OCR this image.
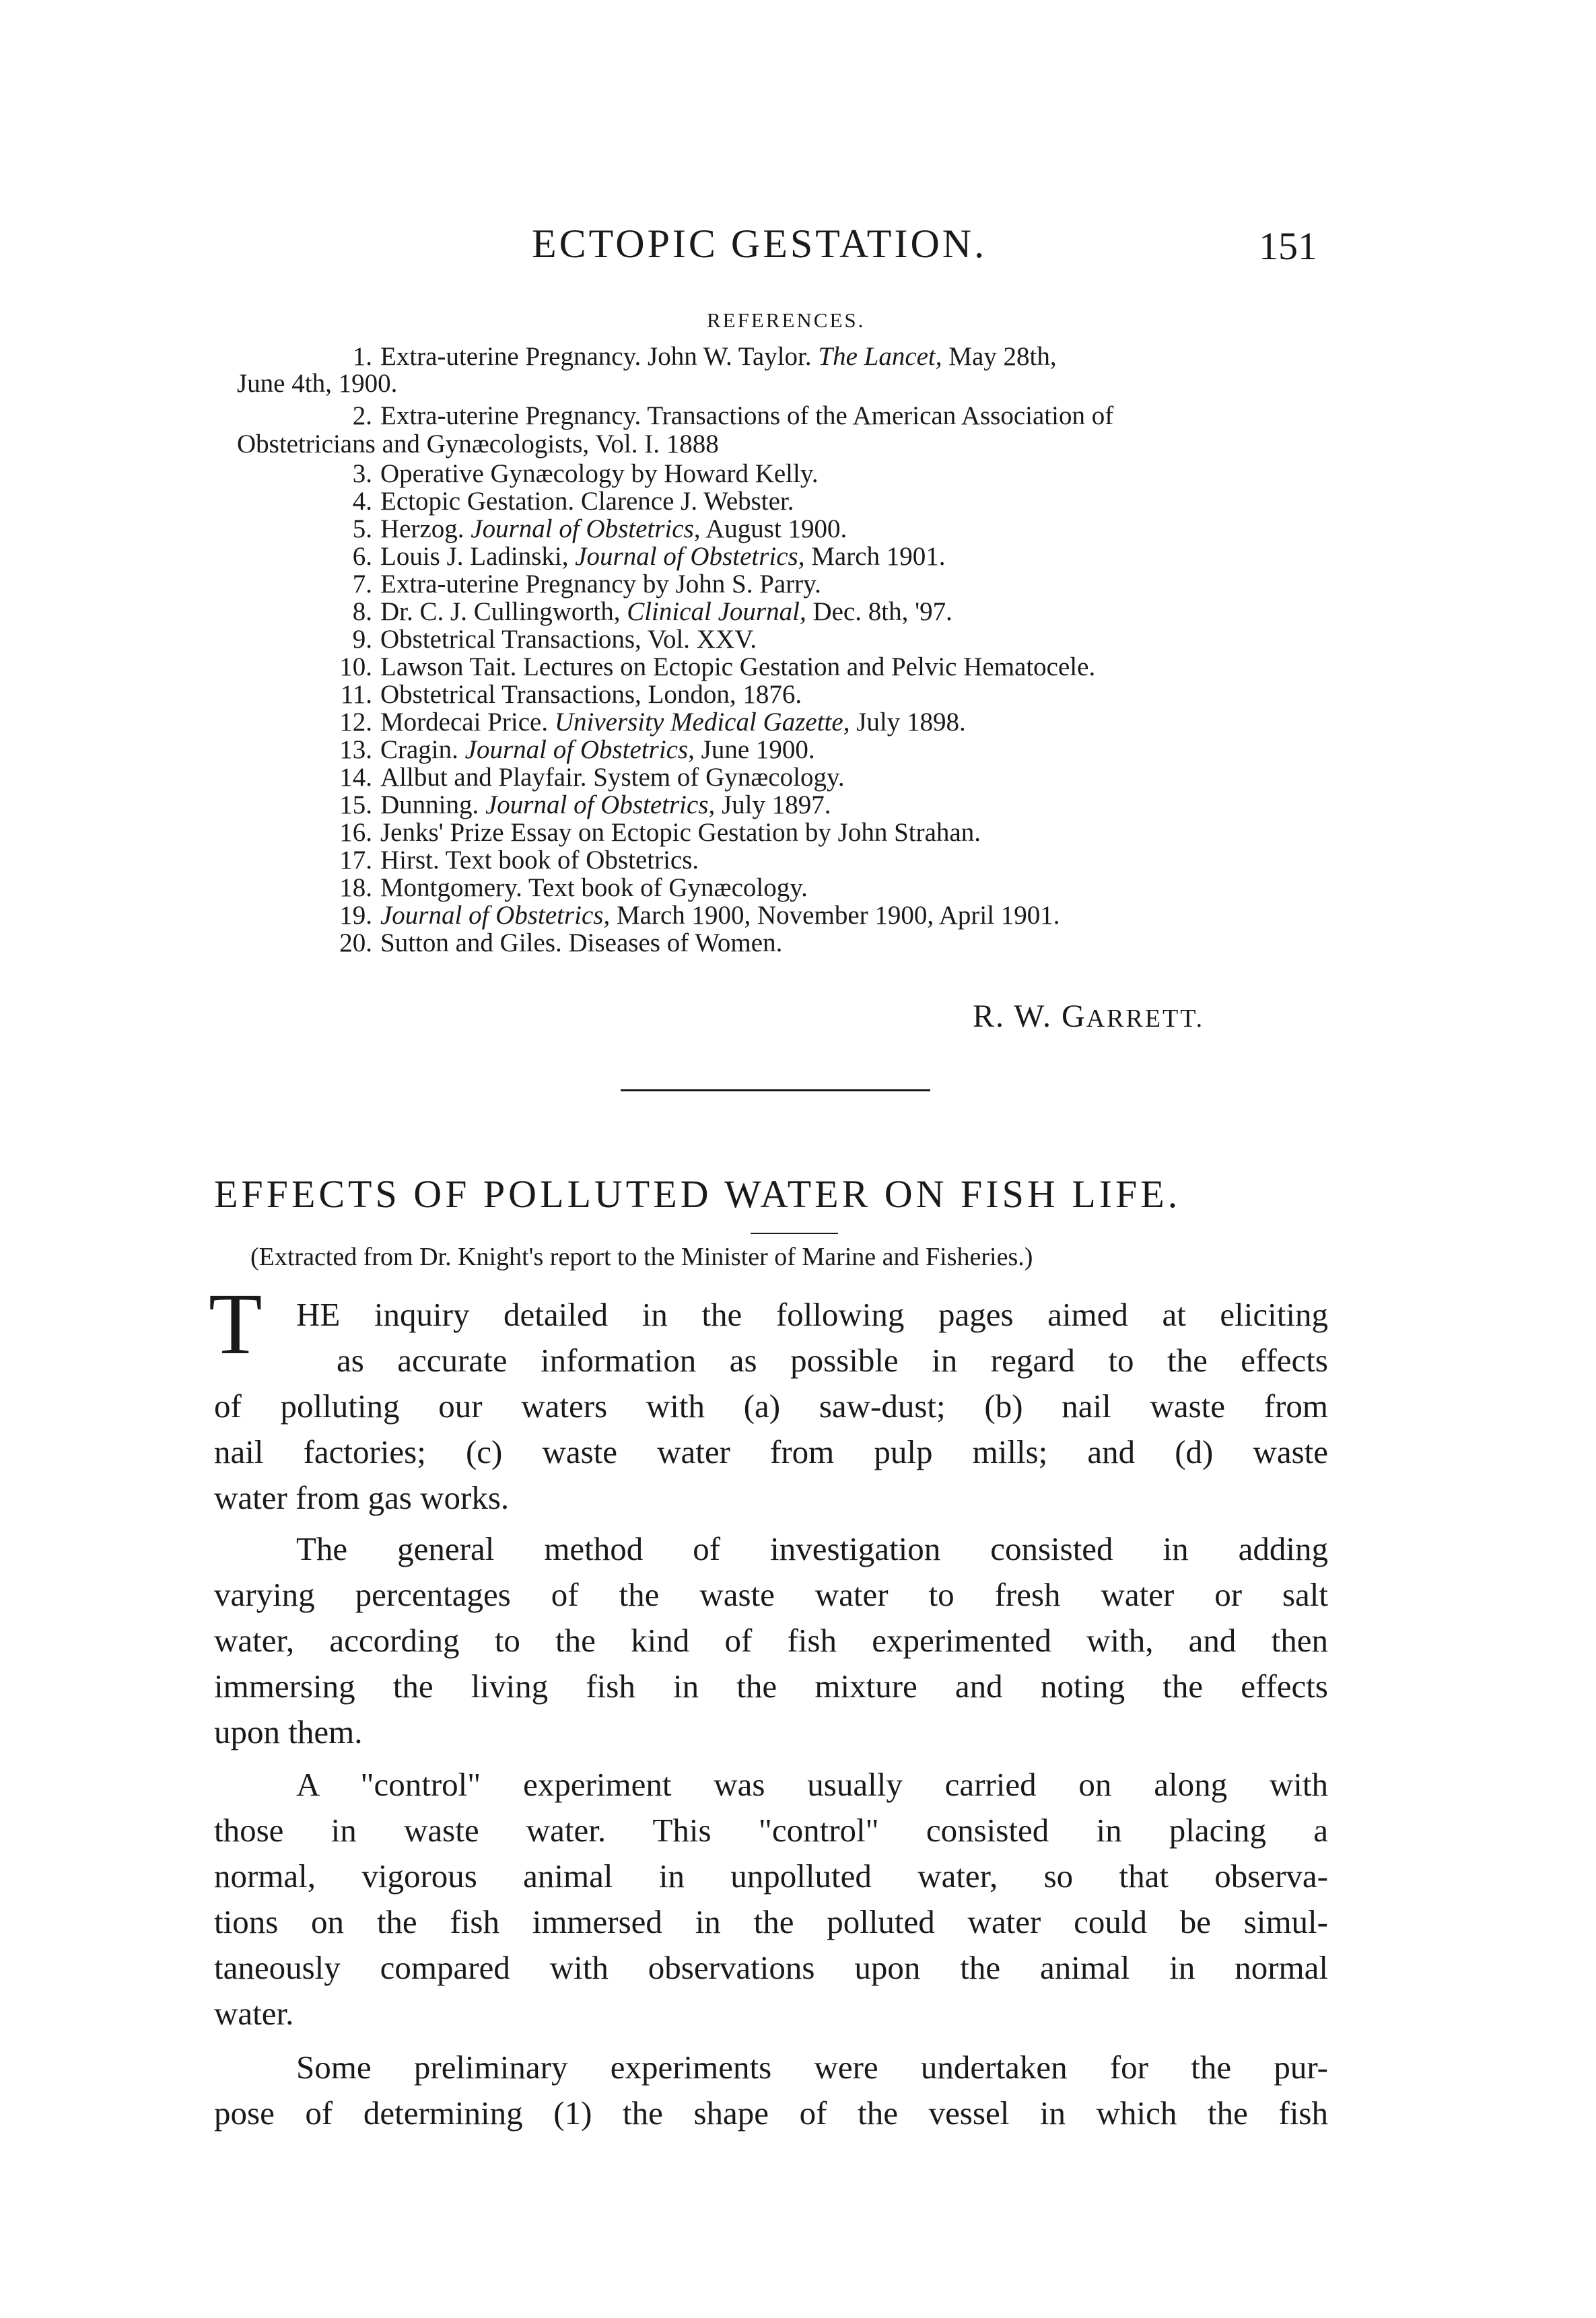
ECTOPIC GESTATION.	151
REFERENCES.
1. Extra-uterine Pregnancy. John W. Taylor. The Lancet, May 28th,
June 4th, 1900.
2. Extra-uterine Pregnancy. Transactions of the American Association of
Obstetricians and Gynæcologists, Vol. I. 1888
3. Operative Gynæcology by Howard Kelly.
4. Ectopic Gestation. Clarence J. Webster.
5. Herzog. Journal of Obstetrics, August 1900.
6. Louis J. Ladinski, Journal of Obstetrics, March 1901.
7. Extra-uterine Pregnancy by John S. Parry.
8. Dr. C. J. Cullingworth, Clinical Journal, Dec. 8th, '97.
9. Obstetrical Transactions, Vol. XXV.
10. Lawson Tait. Lectures on Ectopic Gestation and Pelvic Hematocele.
11. Obstetrical Transactions, London, 1876.
12. Mordecai Price. University Medical Gazette, July 1898.
13. Cragin. Journal of Obstetrics, June 1900.
14. Allbut and Playfair. System of Gynæcology.
15. Dunning. Journal of Obstetrics, July 1897.
16. Jenks' Prize Essay on Ectopic Gestation by John Strahan.
17. Hirst. Text book of Obstetrics.
18. Montgomery. Text book of Gynæcology.
19. Journal of Obstetrics, March 1900, November 1900, April 1901.
20. Sutton and Giles. Diseases of Women.
R. W. GARRETT.
EFFECTS OF POLLUTED WATER ON FISH LIFE.
(Extracted from Dr. Knight's report to the Minister of Marine and Fisheries.)
T HE inquiry detailed in the following pages aimed at eliciting
as accurate information as possible in regard to the effects
of polluting our waters with (a) saw-dust; (b) nail waste from
nail factories; (c) waste water from pulp mills; and (d) waste
water from gas works.
The general method of investigation consisted in adding
varying percentages of the waste water to fresh water or salt
water, according to the kind of fish experimented with, and then
immersing the living fish in the mixture and noting the effects
upon them.
A "control" experiment was usually carried on along with
those in waste water. This "control" consisted in placing a
normal, vigorous animal in unpolluted water, so that observa-
tions on the fish immersed in the polluted water could be simul-
taneously compared with observations upon the animal in normal
water.
Some preliminary experiments were undertaken for the pur-
pose of determining (1) the shape of the vessel in which the fish
